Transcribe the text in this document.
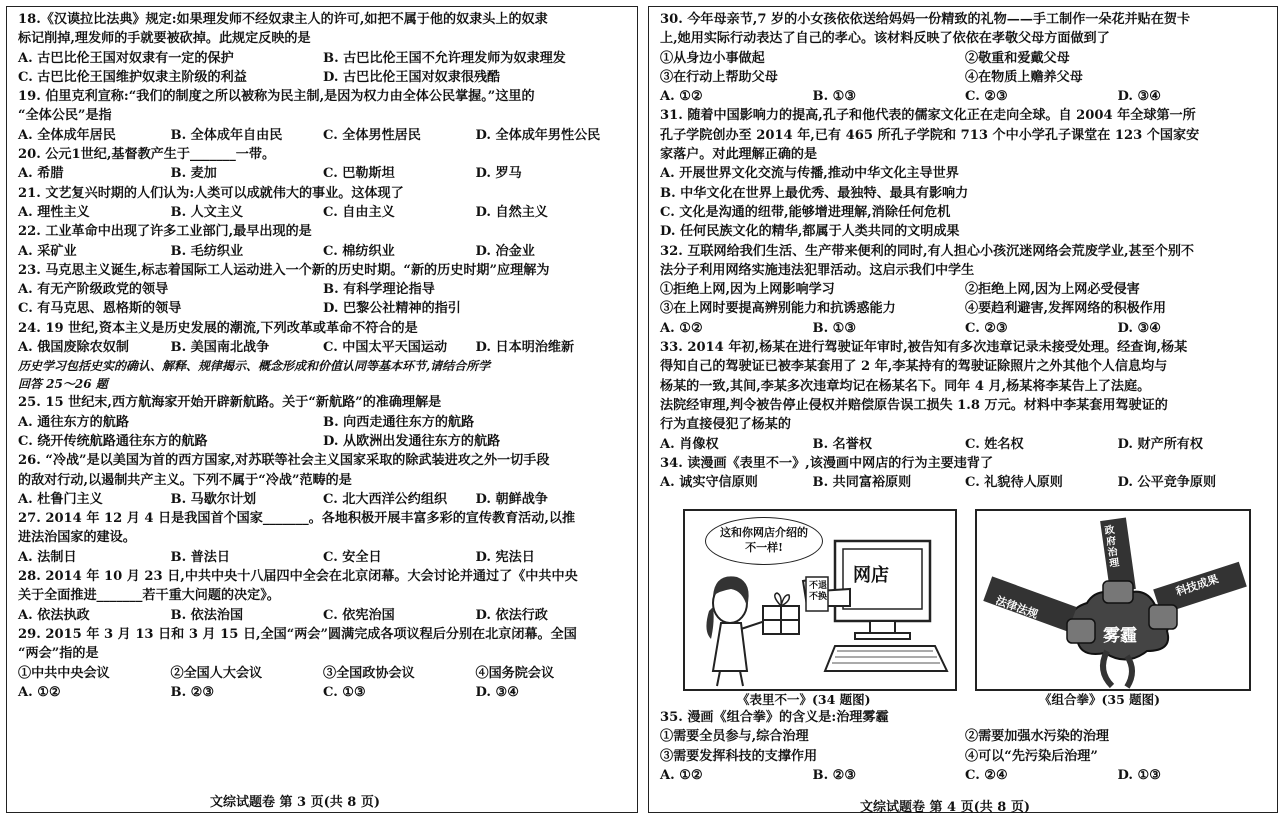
18.《汉谟拉比法典》规定:如果理发师不经奴隶主人的许可,如把不属于他的奴隶头上的奴隶
标记削掉,理发师的手就要被砍掉。此规定反映的是
A. 古巴比伦王国对奴隶有一定的保护	B. 古巴比伦王国不允许理发师为奴隶理发
C. 古巴比伦王国维护奴隶主阶级的利益	D. 古巴比伦王国对奴隶很残酷
19. 伯里克利宣称:“我们的制度之所以被称为民主制,是因为权力由全体公民掌握。”这里的
“全体公民”是指
A. 全体成年居民	B. 全体成年自由民	C. 全体男性居民	D. 全体成年男性公民
20. 公元1世纪,基督教产生于_______一带。
A. 希腊	B. 麦加	C. 巴勒斯坦	D. 罗马
21. 文艺复兴时期的人们认为:人类可以成就伟大的事业。这体现了
A. 理性主义	B. 人文主义	C. 自由主义	D. 自然主义
22. 工业革命中出现了许多工业部门,最早出现的是
A. 采矿业	B. 毛纺织业	C. 棉纺织业	D. 冶金业
23. 马克思主义诞生,标志着国际工人运动进入一个新的历史时期。“新的历史时期”应理解为
A. 有无产阶级政党的领导	B. 有科学理论指导
C. 有马克思、恩格斯的领导	D. 巴黎公社精神的指引
24. 19 世纪,资本主义是历史发展的潮流,下列改革或革命不符合的是
A. 俄国废除农奴制	B. 美国南北战争	C. 中国太平天国运动	D. 日本明治维新
历史学习包括史实的确认、解释、规律揭示、概念形成和价值认同等基本环节,请结合所学
回答 25～26 题
25. 15 世纪末,西方航海家开始开辟新航路。关于“新航路”的准确理解是
A. 通往东方的航路	B. 向西走通往东方的航路
C. 绕开传统航路通往东方的航路	D. 从欧洲出发通往东方的航路
26. “冷战”是以美国为首的西方国家,对苏联等社会主义国家采取的除武装进攻之外一切手段
的敌对行动,以遏制共产主义。下列不属于“冷战”范畴的是
A. 杜鲁门主义	B. 马歇尔计划	C. 北大西洋公约组织	D. 朝鲜战争
27. 2014 年 12 月 4 日是我国首个国家_______。各地积极开展丰富多彩的宣传教育活动,以推
进法治国家的建设。
A. 法制日	B. 普法日	C. 安全日	D. 宪法日
28. 2014 年 10 月 23 日,中共中央十八届四中全会在北京闭幕。大会讨论并通过了《中共中央
关于全面推进_______若干重大问题的决定》。
A. 依法执政	B. 依法治国	C. 依宪治国	D. 依法行政
29. 2015 年 3 月 13 日和 3 月 15 日,全国“两会”圆满完成各项议程后分别在北京闭幕。全国
“两会”指的是
①中共中央会议	②全国人大会议	③全国政协会议	④国务院会议
A. ①②	B. ②③	C. ①③	D. ③④
文综试题卷 第 3 页(共 8 页)
30. 今年母亲节,7 岁的小女孩依依送给妈妈一份精致的礼物——手工制作一朵花并贴在贺卡
上,她用实际行动表达了自己的孝心。该材料反映了依依在孝敬父母方面做到了
①从身边小事做起	②敬重和爱戴父母
③在行动上帮助父母	④在物质上赡养父母
A. ①②	B. ①③	C. ②③	D. ③④
31. 随着中国影响力的提高,孔子和他代表的儒家文化正在走向全球。自 2004 年全球第一所
孔子学院创办至 2014 年,已有 465 所孔子学院和 713 个中小学孔子课堂在 123 个国家安
家落户。对此理解正确的是
A. 开展世界文化交流与传播,推动中华文化主导世界
B. 中华文化在世界上最优秀、最独特、最具有影响力
C. 文化是沟通的纽带,能够增进理解,消除任何危机
D. 任何民族文化的精华,都属于人类共同的文明成果
32. 互联网给我们生活、生产带来便利的同时,有人担心小孩沉迷网络会荒废学业,甚至个别不
法分子利用网络实施违法犯罪活动。这启示我们中学生
①拒绝上网,因为上网影响学习	②拒绝上网,因为上网必受侵害
③在上网时要提高辨别能力和抗诱惑能力	④要趋利避害,发挥网络的积极作用
A. ①②	B. ①③	C. ②③	D. ③④
33. 2014 年初,杨某在进行驾驶证年审时,被告知有多次违章记录未接受处理。经查询,杨某
得知自己的驾驶证已被李某套用了 2 年,李某持有的驾驶证除照片之外其他个人信息均与
杨某的一致,其间,李某多次违章均记在杨某名下。同年 4 月,杨某将李某告上了法庭。
法院经审理,判令被告停止侵权并赔偿原告误工损失 1.8 万元。材料中李某套用驾驶证的
行为直接侵犯了杨某的
A. 肖像权	B. 名誉权	C. 姓名权	D. 财产所有权
34. 读漫画《表里不一》,该漫画中网店的行为主要违背了
A. 诚实守信原则	B. 共同富裕原则	C. 礼貌待人原则	D. 公平竞争原则
这和你网店介绍的
不一样!
网店
不退
不换
政府治理
法律法规
科技成果
雾霾
《表里不一》(34 题图)	《组合拳》(35 题图)
35. 漫画《组合拳》的含义是:治理雾霾
①需要全员参与,综合治理	②需要加强水污染的治理
③需要发挥科技的支撑作用	④可以“先污染后治理”
A. ①②	B. ②③	C. ②④	D. ①③
文综试题卷 第 4 页(共 8 页)
